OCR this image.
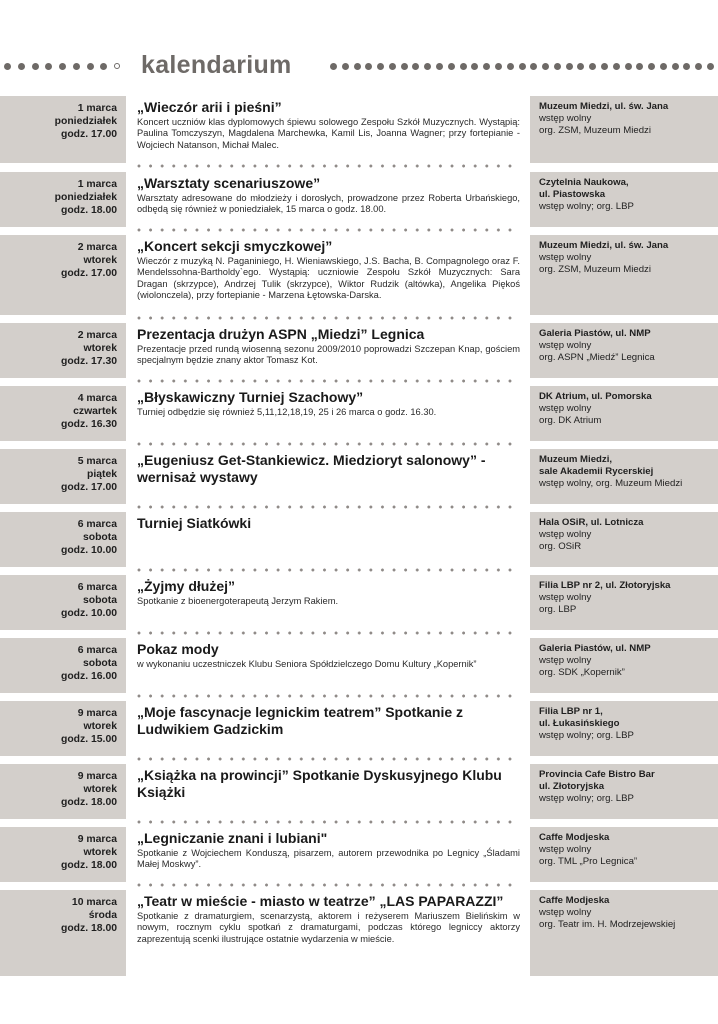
kalendarium
1 marca
poniedziałek
godz. 17.00
„Wieczór arii i pieśni”
Koncert uczniów klas dyplomowych śpiewu solowego Zespołu Szkół Muzycznych. Wystąpią: Paulina Tomczyszyn, Magdalena Marchewka, Kamil Lis, Joanna Wagner; przy fortepianie - Wojciech Natanson, Michał Malec.
Muzeum Miedzi, ul. św. Jana
wstęp wolny
org. ZSM, Muzeum Miedzi
1 marca
poniedziałek
godz. 18.00
„Warsztaty scenariuszowe”
Warsztaty adresowane do młodzieży i dorosłych, prowadzone przez Roberta Urbańskiego, odbędą się również w poniedziałek, 15 marca o godz. 18.00.
Czytelnia Naukowa,
ul. Piastowska
wstęp wolny; org. LBP
2 marca
wtorek
godz. 17.00
„Koncert sekcji smyczkowej”
Wieczór z muzyką N. Paganiniego, H. Wieniawskiego, J.S. Bacha, B. Compagnolego oraz F. Mendelssohna-Bartholdy`ego. Wystąpią: uczniowie Zespołu Szkół Muzycznych: Sara Dragan (skrzypce), Andrzej Tulik (skrzypce), Wiktor Rudzik (altówka), Angelika Piękoś (wiolonczela), przy fortepianie - Marzena Łętowska-Darska.
Muzeum Miedzi, ul. św. Jana
wstęp wolny
org. ZSM, Muzeum Miedzi
2 marca
wtorek
godz. 17.30
Prezentacja drużyn ASPN „Miedzi” Legnica
Prezentacje przed rundą wiosenną sezonu 2009/2010 poprowadzi Szczepan Knap, gościem specjalnym będzie znany aktor Tomasz Kot.
Galeria Piastów, ul. NMP
wstęp wolny
org. ASPN „Miedź” Legnica
4 marca
czwartek
godz. 16.30
„Błyskawiczny Turniej Szachowy”
Turniej odbędzie się również 5,11,12,18,19, 25 i 26 marca o godz. 16.30.
DK Atrium, ul. Pomorska
wstęp wolny
org. DK Atrium
5 marca
piątek
godz. 17.00
„Eugeniusz Get-Stankiewicz. Miedzioryt salonowy” - wernisaż wystawy
Muzeum Miedzi,
sale Akademii Rycerskiej
wstęp wolny, org. Muzeum Miedzi
6 marca
sobota
godz. 10.00
Turniej Siatkówki	Hala OSiR, ul. Lotnicza
wstęp wolny
org. OSiR
6 marca
sobota
godz. 10.00
„Żyjmy dłużej”
Spotkanie z bioenergoterapeutą Jerzym Rakiem.
Filia LBP nr 2, ul. Złotoryjska
wstęp wolny
org. LBP
6 marca
sobota
godz. 16.00
Pokaz mody
w wykonaniu uczestniczek Klubu Seniora Spółdzielczego Domu Kultury „Kopernik”
Galeria Piastów, ul. NMP
wstęp wolny
org. SDK „Kopernik”
9 marca
wtorek
godz. 15.00
„Moje fascynacje legnickim teatrem” Spotkanie z Ludwikiem Gadzickim
Filia LBP nr 1,
ul. Łukasińskiego
wstęp wolny; org. LBP
9 marca
wtorek
godz. 18.00
„Książka na prowincji” Spotkanie Dyskusyjnego Klubu Książki
Provincia Cafe Bistro Bar
ul. Złotoryjska
wstęp wolny; org. LBP
9 marca
wtorek
godz. 18.00
„Legniczanie znani i lubiani"
Spotkanie z Wojciechem Konduszą, pisarzem, autorem przewodnika po Legnicy „Śladami Małej Moskwy”.
Caffe Modjeska
wstęp wolny
org. TML „Pro Legnica”
10 marca
środa
godz. 18.00
„Teatr w mieście - miasto w teatrze” „LAS PAPARAZZI”
Spotkanie z dramaturgiem, scenarzystą, aktorem i reżyserem Mariuszem Bielińskim w nowym, rocznym cyklu spotkań z dramaturgami, podczas którego legniccy aktorzy zaprezentują scenki ilustrujące ostatnie wydarzenia w mieście.
Caffe Modjeska
wstęp wolny
org. Teatr im. H. Modrzejewskiej
